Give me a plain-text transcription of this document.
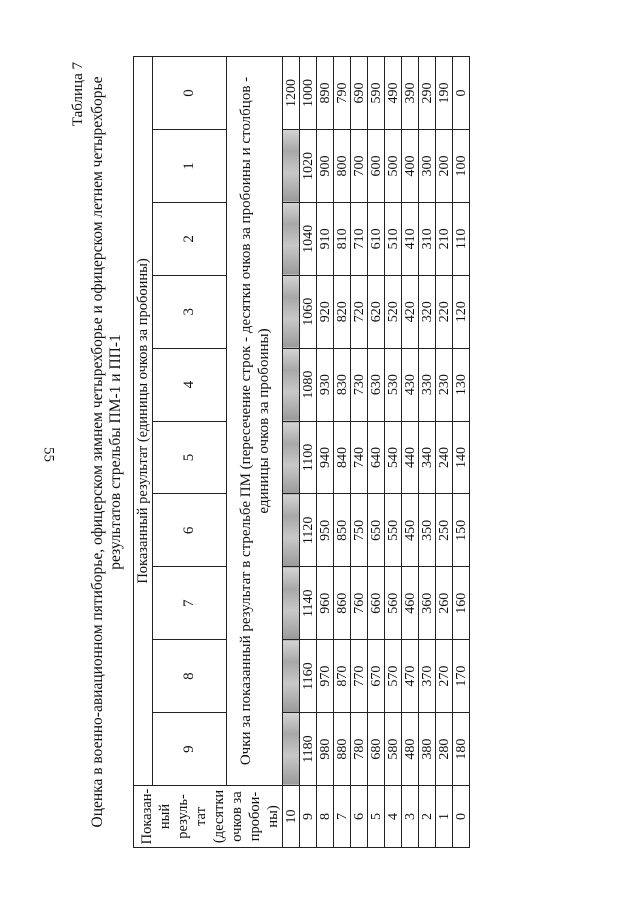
55
Таблица 7 Оценка в военно-авиационном пятиборье, офицерском зимнем четырехборье и офицерском летнем четырехборье результатов стрельбы ПМ-1 и ПП-1
Показан-ный резуль-тат (десятки очков за пробои-ны)	Показанный результат (единицы очков за пробоины)									
	9	8	7	6	5	4	3	2	1	0
	Очки за показанный результат в стрельбе ПМ (пересечение строк - десятки очков за пробоины и столбцов - единицы очков за пробоины)									
10										1200
9	1180	1160	1140	1120	1100	1080	1060	1040	1020	1000
8	980	970	960	950	940	930	920	910	900	890
7	880	870	860	850	840	830	820	810	800	790
6	780	770	760	750	740	730	720	710	700	690
5	680	670	660	650	640	630	620	610	600	590
4	580	570	560	550	540	530	520	510	500	490
3	480	470	460	450	440	430	420	410	400	390
2	380	370	360	350	340	330	320	310	300	290
1	280	270	260	250	240	230	220	210	200	190
0	180	170	160	150	140	130	120	110	100	0
